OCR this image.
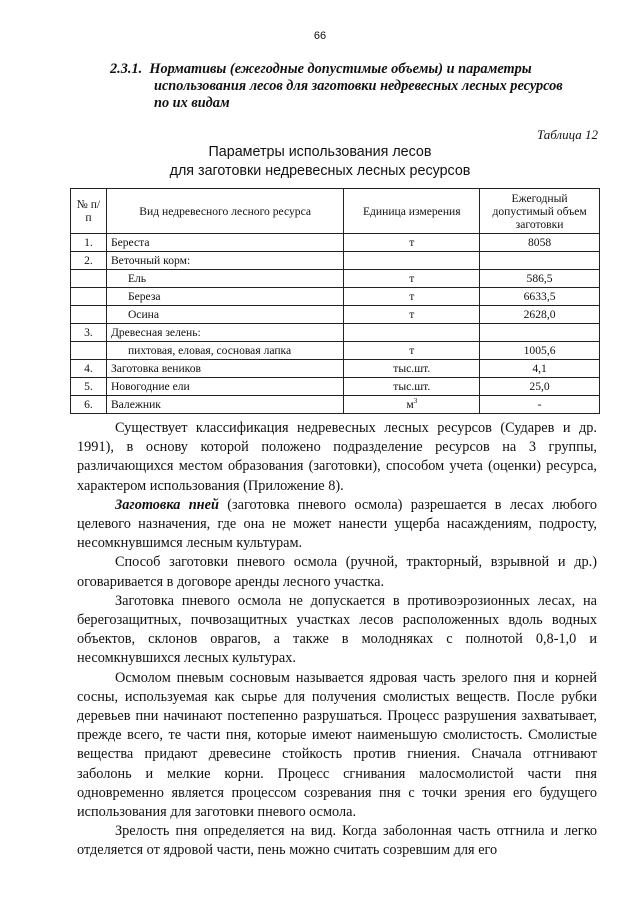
66
2.3.1. Нормативы (ежегодные допустимые объемы) и параметры
использования лесов для заготовки недревесных лесных ресурсов
по их видам
Таблица 12
Параметры использования лесов
для заготовки недревесных лесных ресурсов
№ п/п	Вид недревесного лесного ресурса	Единица измерения	Ежегодный допустимый объем заготовки
1.	Береста	т	8058
2.	Веточный корм:		
	Ель	т	586,5
	Береза	т	6633,5
	Осина	т	2628,0
3.	Древесная зелень:		
	пихтовая, еловая, сосновая лапка	т	1005,6
4.	Заготовка веников	тыс.шт.	4,1
5.	Новогодние ели	тыс.шт.	25,0
6.	Валежник	$м^3$	-

Существует классификация недревесных лесных ресурсов (Сударев и др. 1991), в основу которой положено подразделение ресурсов на 3 группы, различающихся местом образования (заготовки), способом учета (оценки) ресурса, характером использования (Приложение 8).

Заготовка пней (заготовка пневого осмола) разрешается в лесах любого целевого назначения, где она не может нанести ущерба насаждениям, подросту, несомкнувшимся лесным культурам.

Способ заготовки пневого осмола (ручной, тракторный, взрывной и др.) оговаривается в договоре аренды лесного участка.

Заготовка пневого осмола не допускается в противоэрозионных лесах, на берегозащитных, почвозащитных участках лесов расположенных вдоль водных объектов, склонов оврагов, а также в молодняках с полнотой 0,8-1,0 и несомкнувшихся лесных культурах.

Осмолом пневым сосновым называется ядровая часть зрелого пня и корней сосны, используемая как сырье для получения смолистых веществ. После рубки деревьев пни начинают постепенно разрушаться. Процесс разрушения захватывает, прежде всего, те части пня, которые имеют наименьшую смолистость. Смолистые вещества придают древесине стойкость против гниения. Сначала отгнивают заболонь и мелкие корни. Процесс сгнивания малосмолистой части пня одновременно является процессом созревания пня с точки зрения его будущего использования для заготовки пневого осмола.

Зрелость пня определяется на вид. Когда заболонная часть отгнила и легко отделяется от ядровой части, пень можно считать созревшим для его
